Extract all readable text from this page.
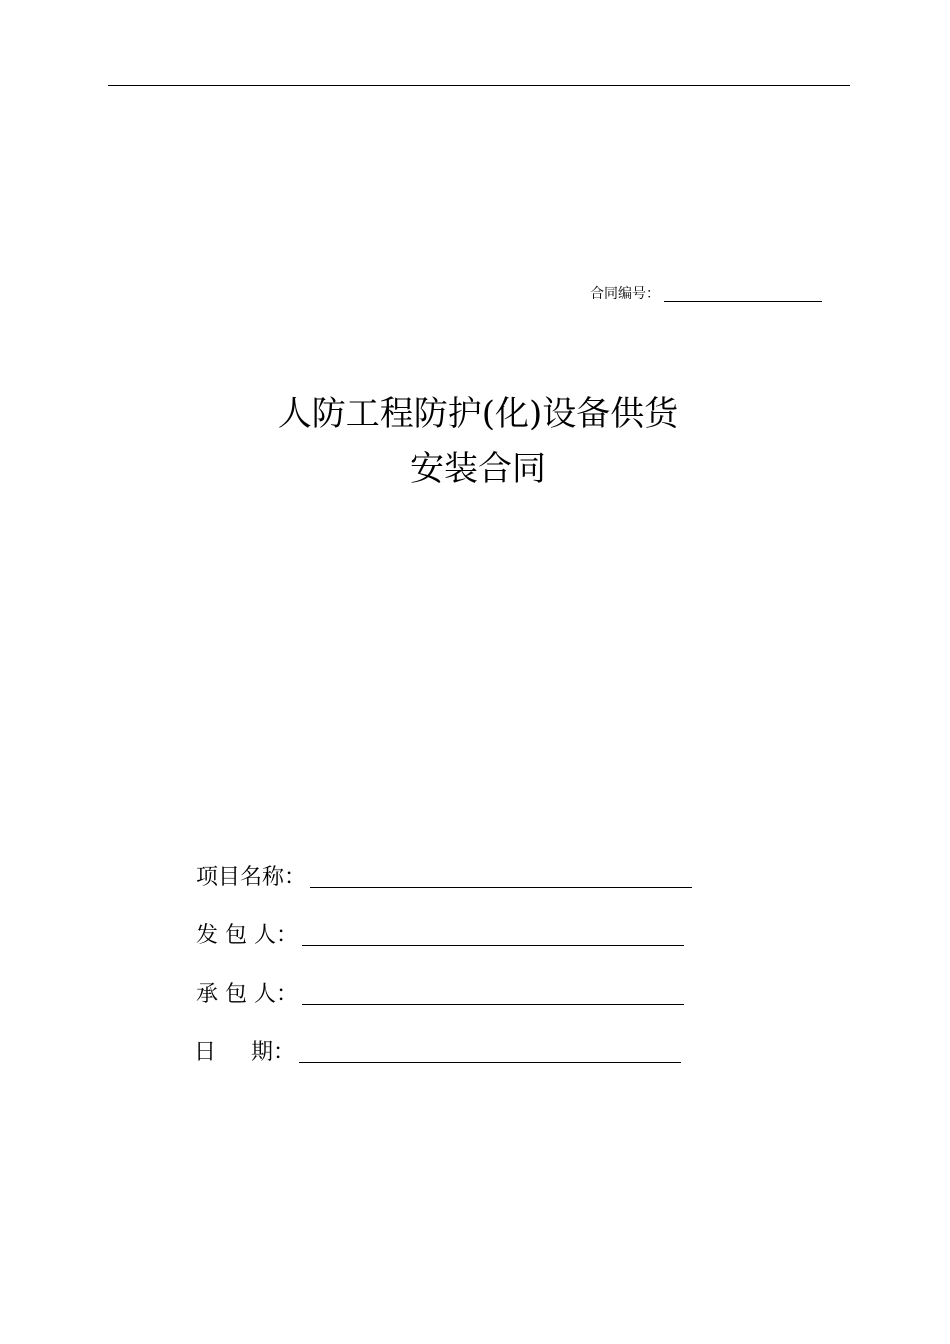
合同编号：
人防工程防护(化)设备供货
安装合同
项目名称 ：
发 包 人 ：
承 包 人 ：
日     期 ：
